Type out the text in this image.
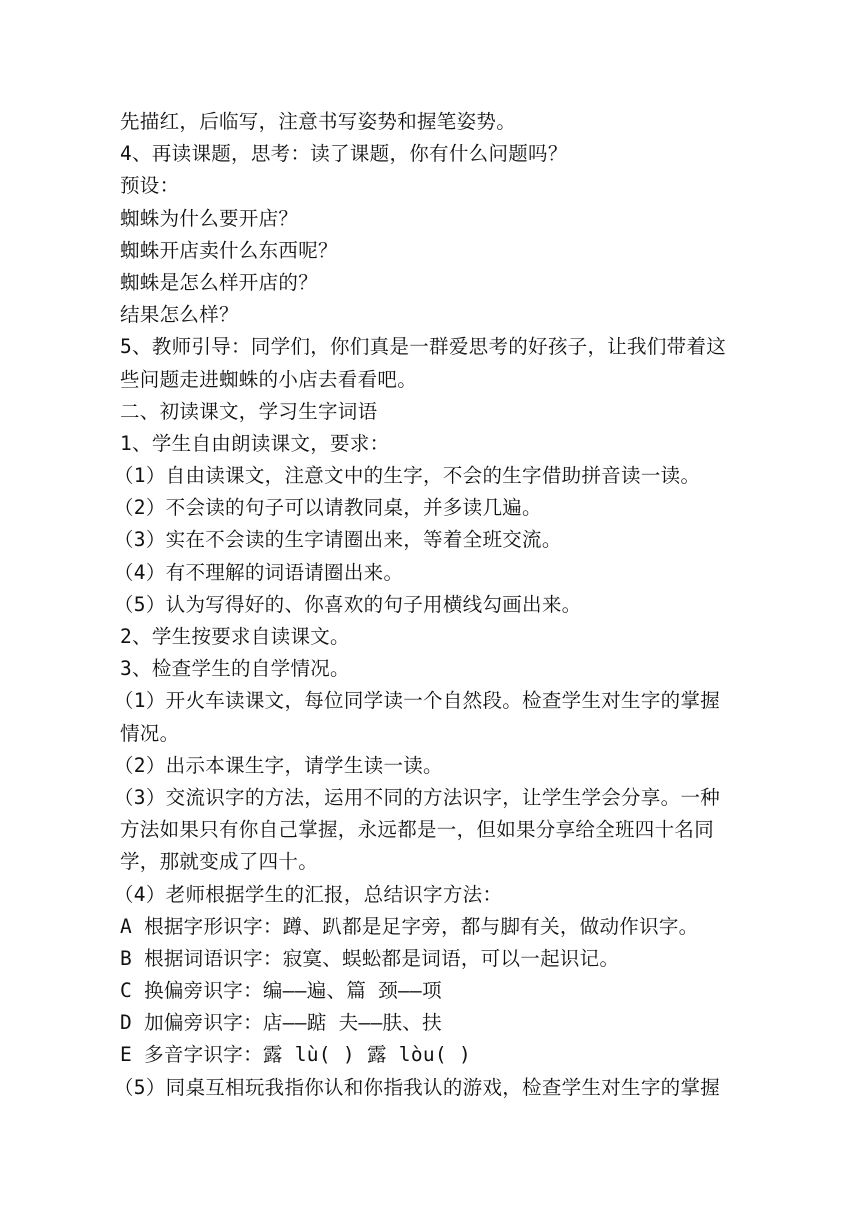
先描红，后临写，注意书写姿势和握笔姿势。
4、再读课题，思考：读了课题，你有什么问题吗？
预设：
蜘蛛为什么要开店？
蜘蛛开店卖什么东西呢？
蜘蛛是怎么样开店的？
结果怎么样？
5、教师引导：同学们，你们真是一群爱思考的好孩子，让我们带着这
些问题走进蜘蛛的小店去看看吧。
二、初读课文，学习生字词语
1、学生自由朗读课文，要求：
（1）自由读课文，注意文中的生字，不会的生字借助拼音读一读。
（2）不会读的句子可以请教同桌，并多读几遍。
（3）实在不会读的生字请圈出来，等着全班交流。
（4）有不理解的词语请圈出来。
（5）认为写得好的、你喜欢的句子用横线勾画出来。
2、学生按要求自读课文。
3、检查学生的自学情况。
（1）开火车读课文，每位同学读一个自然段。检查学生对生字的掌握
情况。
（2）出示本课生字，请学生读一读。
（3）交流识字的方法，运用不同的方法识字，让学生学会分享。一种
方法如果只有你自己掌握，永远都是一，但如果分享给全班四十名同
学，那就变成了四十。
（4）老师根据学生的汇报，总结识字方法：
A 根据字形识字：蹲、趴都是足字旁，都与脚有关，做动作识字。
B 根据词语识字：寂寞、蜈蚣都是词语，可以一起识记。
C 换偏旁识字：编——遍、篇 颈——项
D 加偏旁识字：店——踮 夫——肤、扶
E 多音字识字：露 lù( ) 露 lòu( )
（5）同桌互相玩我指你认和你指我认的游戏，检查学生对生字的掌握
